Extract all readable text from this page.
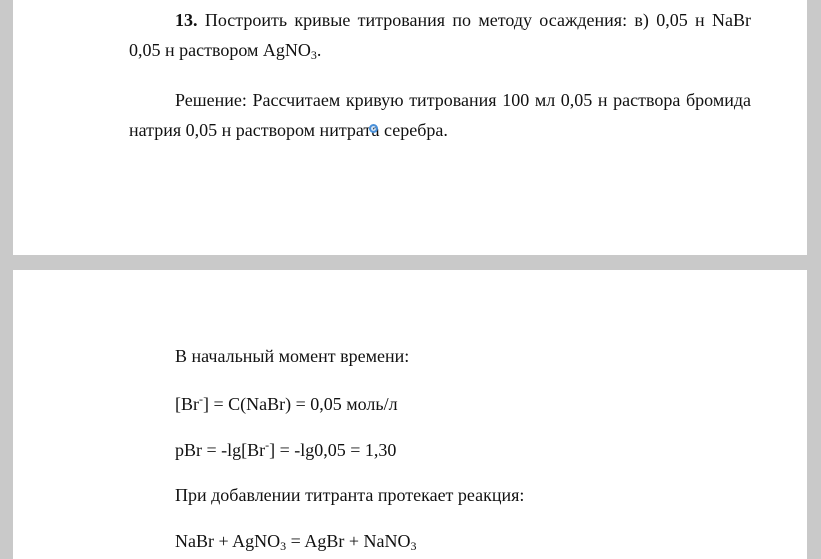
13. Построить кривые титрования по методу осаждения: в) 0,05 н NaBr 0,05 н раствором AgNO$_3$.

Решение: Рассчитаем кривую титрования 100 мл 0,05 н раствора бромида натрия 0,05 н раствором нитрата серебра.

В начальный момент времени:

[Br-] = C(NaBr) = 0,05 моль/л

pBr = -lg[Br-] = -lg0,05 = 1,30

При добавлении титранта протекает реакция:

NaBr + AgNO$_3$ = AgBr + NaNO$_3$
